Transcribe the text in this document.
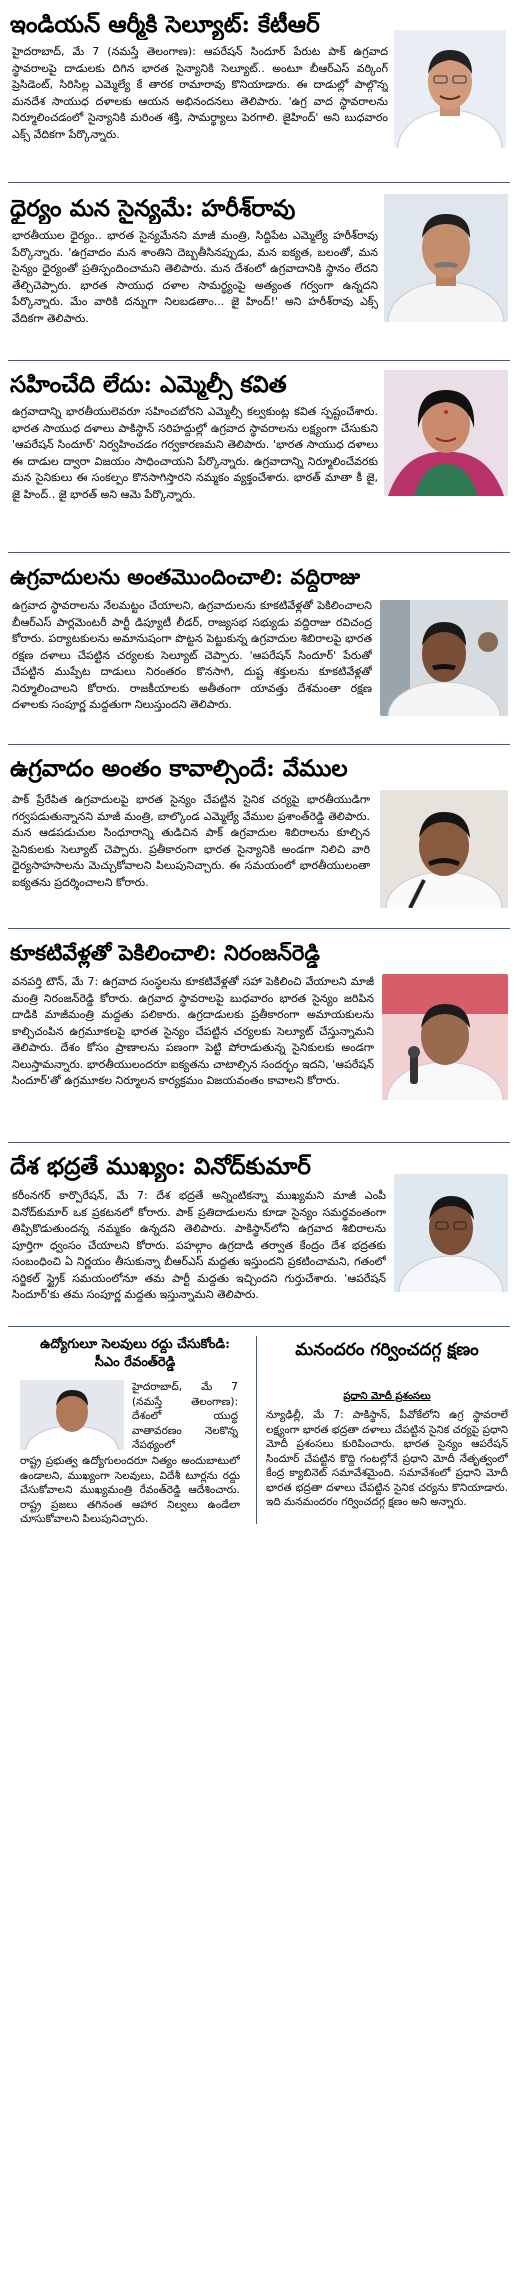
ఇండియన్ ఆర్మీకి సెల్యూట్: కేటీఆర్
హైదరాబాద్, మే 7 (నమస్తే తెలంగాణ): ఆపరేషన్ సిందూర్ పేరుట పాక్ ఉగ్రవాద స్థావరాలపై దాడులకు దిగిన భారత సైన్యానికి సెల్యూట్.. అంటూ బీఆర్ఎస్ వర్కింగ్ ప్రెసిడెంట్, సిరిసిల్ల ఎమ్మెల్యే కే తారక రామారావు కొనియాడారు. ఈ దాడుల్లో పాల్గొన్న మనదేశ సాయుధ దళాలకు ఆయన అభినందనలు తెలిపారు. 'ఉగ్ర వాద స్థావరాలను నిర్మూలించడంలో సైన్యానికి మరింత శక్తి, సామర్థ్యాలు పెరగాలి. జైహింద్' అని బుధవారం ఎక్స్ వేదికగా పేర్కొన్నారు.
ధైర్యం మన సైన్యమే: హరీశ్‌రావు
భారతీయుల ధైర్యం.. భారత సైన్యమేనని మాజీ మంత్రి, సిద్దిపేట ఎమ్మెల్యే హరీశ్‌రావు పేర్కొన్నారు. 'ఉగ్రవాదం మన శాంతిని దెబ్బతీసినప్పుడు, మన ఐక్యత, బలంతో, మన సైన్యం ధైర్యంతో ప్రతిస్పందించామని తెలిపారు. మన దేశంలో ఉగ్రవాదానికి స్థానం లేదని తేల్చిచెప్పారు. భారత సాయుధ దళాల సామర్థ్యంపై అత్యంత గర్వంగా ఉన్నదని పేర్కొన్నారు. మేం వారికి దన్నుగా నిలబడతాం... జై హింద్!' అని హరీశ్‌రావు ఎక్స్ వేదికగా తెలిపారు.
సహించేది లేదు: ఎమ్మెల్సీ కవిత
ఉగ్రవాదాన్ని భారతీయులెవరూ సహించబోరని ఎమ్మెల్సీ కల్వకుంట్ల కవిత స్పష్టంచేశారు. భారత సాయుధ దళాలు పాకిస్థాన్ సరిహద్దుల్లో ఉగ్రవాద స్థావరాలను లక్ష్యంగా చేసుకుని 'ఆపరేషన్ సిందూర్' నిర్వహించడం గర్వకారణమని తెలిపారు. 'భారత సాయుధ దళాలు ఈ దాడుల ద్వారా విజయం సాధించాయని పేర్కొన్నారు. ఉగ్రవాదాన్ని నిర్మూలించేవరకు మన సైనికులు ఈ సంకల్పం కొనసాగిస్తారని నమ్మకం వ్యక్తంచేశారు. భారత్ మాతా కీ జై, జై హింద్.. జై భారత్ అని ఆమె పేర్కొన్నారు.
ఉగ్రవాదులను అంతమొందించాలి: వద్దిరాజు
ఉగ్రవాద స్థావరాలను నేలమట్టం చేయాలని, ఉగ్రవాదులను కూకటివేళ్లతో పెకిలించాలని బీఆర్ఎస్ పార్లమెంటరీ పార్టీ డిప్యూటీ లీడర్, రాజ్యసభ సభ్యుడు వద్దిరాజు రవిచంద్ర కోరారు. పర్యాటకులను అమానుషంగా పొట్టన పెట్టుకున్న ఉగ్రవాదుల శిబిరాలపై భారత రక్షణ దళాలు చేపట్టిన చర్యలకు సెల్యూట్ చెప్పారు. 'ఆపరేషన్ సిందూర్' పేరుతో చేపట్టిన ముప్పేట దాడులు నిరంతరం కొనసాగి, దుష్ట శక్తులను కూకటివేళ్లతో నిర్మూలించాలని కోరారు. రాజకీయాలకు అతీతంగా యావత్తు దేశమంతా రక్షణ దళాలకు సంపూర్ణ మద్దతుగా నిలుస్తుందని తెలిపారు.
ఉగ్రవాదం అంతం కావాల్సిందే: వేముల
పాక్ ప్రేరేపిత ఉగ్రవాదులపై భారత సైన్యం చేపట్టిన సైనిక చర్యపై భారతీయుడిగా గర్వపడుతున్నానని మాజీ మంత్రి, బాల్కొండ ఎమ్మెల్యే వేముల ప్రశాంత్‌రెడ్డి తెలిపారు. మన ఆడపడుచుల సింధూరాన్ని తుడిచిన పాక్ ఉగ్రవాదుల శిబిరాలను కూల్చిన సైనికులకు సెల్యూట్ చెప్పారు. ప్రతీకారంగా భారత సైన్యానికి అండగా నిలిచి వారి ధైర్యసాహసాలను మెచ్చుకోవాలని పిలుపునిచ్చారు. ఈ సమయంలో భారతీయులంతా ఐక్యతను ప్రదర్శించాలని కోరారు.
కూకటివేళ్లతో పెకిలించాలి: నిరంజన్‌రెడ్డి
వనపర్తి టౌన్, మే 7: ఉగ్రవాద సంస్థలను కూకటివేళ్లతో సహా పెకిలించి వేయాలని మాజీ మంత్రి నిరంజన్‌రెడ్డి కోరారు. ఉగ్రవాద స్థావరాలపై బుధవారం భారత సైన్యం జరిపిన దాడికి మాజీమంత్రి మద్దతు పలికారు. ఉగ్రదాడులకు ప్రతీకారంగా అమాయకులను కాల్చిచంపిన ఉగ్రమూకలపై భారత సైన్యం చేపట్టిన చర్యలకు సెల్యూట్ చేస్తున్నామని తెలిపారు. దేశం కోసం ప్రాణాలను పణంగా పెట్టి పోరాడుతున్న సైనికులకు అండగా నిలుస్తామన్నారు. భారతీయులందరూ ఐక్యతను చాటాల్సిన సందర్భం ఇదని, 'ఆపరేషన్ సిందూర్'తో ఉగ్రమూకల నిర్మూలన కార్యక్రమం విజయవంతం కావాలని కోరారు.
దేశ భద్రతే ముఖ్యం: వినోద్‌కుమార్
కరీంనగర్ కార్పొరేషన్, మే 7: దేశ భద్రతే అన్నింటికన్నా ముఖ్యమని మాజీ ఎంపీ వినోద్‌కుమార్ ఒక ప్రకటనలో కోరారు. పాక్ ప్రతిదాడులను కూడా సైన్యం సమర్థవంతంగా తిప్పికొడుతుందన్న నమ్మకం ఉన్నదని తెలిపారు. పాకిస్థాన్‌లోని ఉగ్రవాద శిబిరాలను పూర్తిగా ధ్వంసం చేయాలని కోరారు. పహల్గాం ఉగ్రదాడి తర్వాత కేంద్రం దేశ భద్రతకు సంబంధించి ఏ నిర్ణయం తీసుకున్నా బీఆర్ఎస్ మద్దతు ఇస్తుందని ప్రకటించామని, గతంలో సర్జికల్ స్ట్రైక్ సమయంలోనూ తమ పార్టీ మద్దతు ఇచ్చిందని గుర్తుచేశారు. 'ఆపరేషన్ సిందూర్'కు తమ సంపూర్ణ మద్దతు ఇస్తున్నామని తెలిపారు.
ఉద్యోగులూ సెలవులు రద్దు చేసుకోండి: సీఎం రేవంత్‌రెడ్డి
హైదరాబాద్, మే 7 (నమస్తే తెలంగాణ): దేశంలో యుద్ధ వాతావరణం నెలకొన్న నేపథ్యంలో
రాష్ట్ర ప్రభుత్వ ఉద్యోగులందరూ నిత్యం అందుబాటులో ఉండాలని, ముఖ్యంగా సెలవులు, విదేశీ టూర్లను రద్దు చేసుకోవాలని ముఖ్యమంత్రి రేవంత్‌రెడ్డి ఆదేశించారు. రాష్ట్ర ప్రజలు తగినంత ఆహార నిల్వలు ఉండేలా చూసుకోవాలని పిలుపునిచ్చారు.
మనందరం గర్వించదగ్గ క్షణం
ప్రధాని మోదీ ప్రశంసలు
న్యూఢిల్లీ, మే 7: పాకిస్థాన్, పీవోకేలోని ఉగ్ర స్థావరాలే లక్ష్యంగా భారత భద్రతా దళాలు చేపట్టిన సైనిక చర్యపై ప్రధాని మోదీ ప్రశంసలు కురిపించారు. భారత సైన్యం ఆపరేషన్ సిందూర్ చేపట్టిన కొద్ది గంటల్లోనే ప్రధాని మోదీ నేతృత్వంలో కేంద్ర క్యాబినెట్ సమావేశమైంది. సమావేశంలో ప్రధాని మోదీ భారత భద్రతా దళాలు చేపట్టిన సైనిక చర్యను కొనియాడారు. ఇది మనమందరం గర్వించదగ్గ క్షణం అని అన్నారు.
